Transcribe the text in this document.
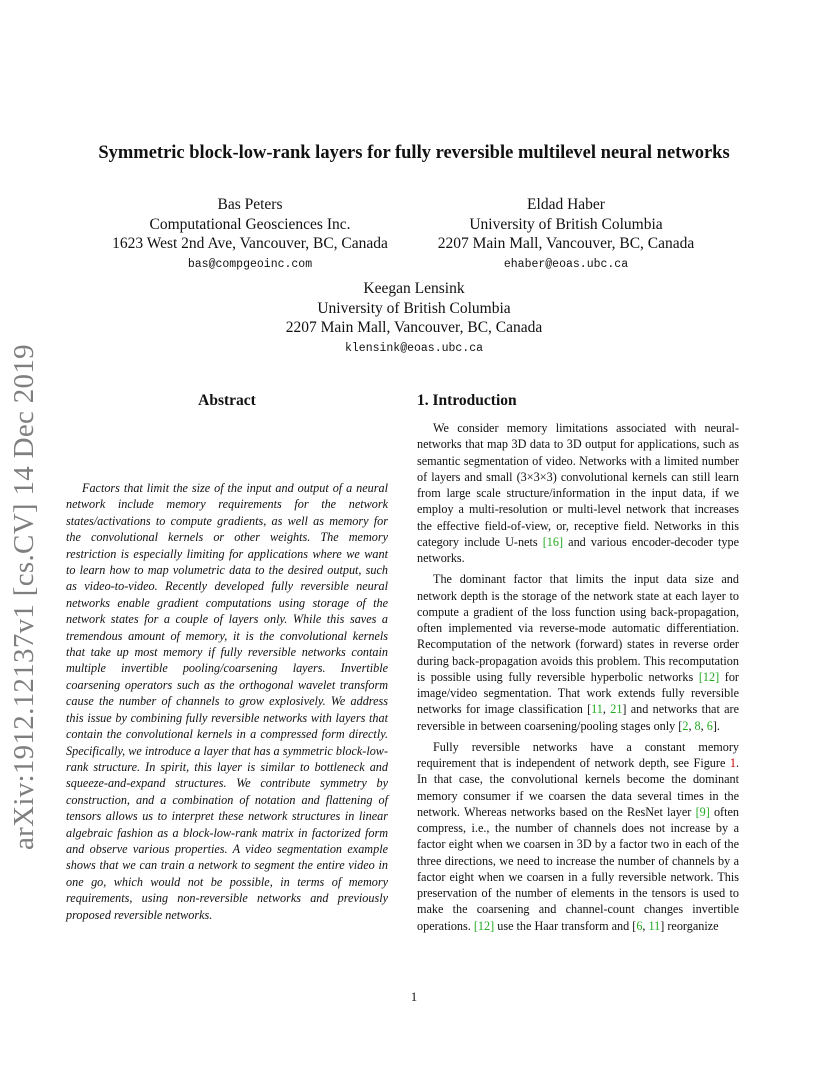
arXiv:1912.12137v1 [cs.CV] 14 Dec 2019
Symmetric block-low-rank layers for fully reversible multilevel neural networks
Bas Peters
Computational Geosciences Inc.
1623 West 2nd Ave, Vancouver, BC, Canada
bas@compgeoinc.com
Eldad Haber
University of British Columbia
2207 Main Mall, Vancouver, BC, Canada
ehaber@eoas.ubc.ca
Keegan Lensink
University of British Columbia
2207 Main Mall, Vancouver, BC, Canada
klensink@eoas.ubc.ca
Abstract
Factors that limit the size of the input and output of a neural network include memory requirements for the network states/activations to compute gradients, as well as memory for the convolutional kernels or other weights. The memory restriction is especially limiting for applications where we want to learn how to map volumetric data to the desired output, such as video-to-video. Recently developed fully reversible neural networks enable gradient computations using storage of the network states for a couple of layers only. While this saves a tremendous amount of memory, it is the convolutional kernels that take up most memory if fully reversible networks contain multiple invertible pooling/coarsening layers. Invertible coarsening operators such as the orthogonal wavelet transform cause the number of channels to grow explosively. We address this issue by combining fully reversible networks with layers that contain the convolutional kernels in a compressed form directly. Specifically, we introduce a layer that has a symmetric block-low-rank structure. In spirit, this layer is similar to bottleneck and squeeze-and-expand structures. We contribute symmetry by construction, and a combination of notation and flattening of tensors allows us to interpret these network structures in linear algebraic fashion as a block-low-rank matrix in factorized form and observe various properties. A video segmentation example shows that we can train a network to segment the entire video in one go, which would not be possible, in terms of memory requirements, using non-reversible networks and previously proposed reversible networks.
1. Introduction

We consider memory limitations associated with neural-networks that map 3D data to 3D output for applications, such as semantic segmentation of video. Networks with a limited number of layers and small (3×3×3) convolutional kernels can still learn from large scale structure/information in the input data, if we employ a multi-resolution or multi-level network that increases the effective field-of-view, or, receptive field. Networks in this category include U-nets [16] and various encoder-decoder type networks.

The dominant factor that limits the input data size and network depth is the storage of the network state at each layer to compute a gradient of the loss function using back-propagation, often implemented via reverse-mode automatic differentiation. Recomputation of the network (forward) states in reverse order during back-propagation avoids this problem. This recomputation is possible using fully reversible hyperbolic networks [12] for image/video segmentation. That work extends fully reversible networks for image classification [11, 21] and networks that are reversible in between coarsening/pooling stages only [2, 8, 6].

Fully reversible networks have a constant memory requirement that is independent of network depth, see Figure 1. In that case, the convolutional kernels become the dominant memory consumer if we coarsen the data several times in the network. Whereas networks based on the ResNet layer [9] often compress, i.e., the number of channels does not increase by a factor eight when we coarsen in 3D by a factor two in each of the three directions, we need to increase the number of channels by a factor eight when we coarsen in a fully reversible network. This preservation of the number of elements in the tensors is used to make the coarsening and channel-count changes invertible operations. [12] use the Haar transform and [6, 11] reorganize

1
